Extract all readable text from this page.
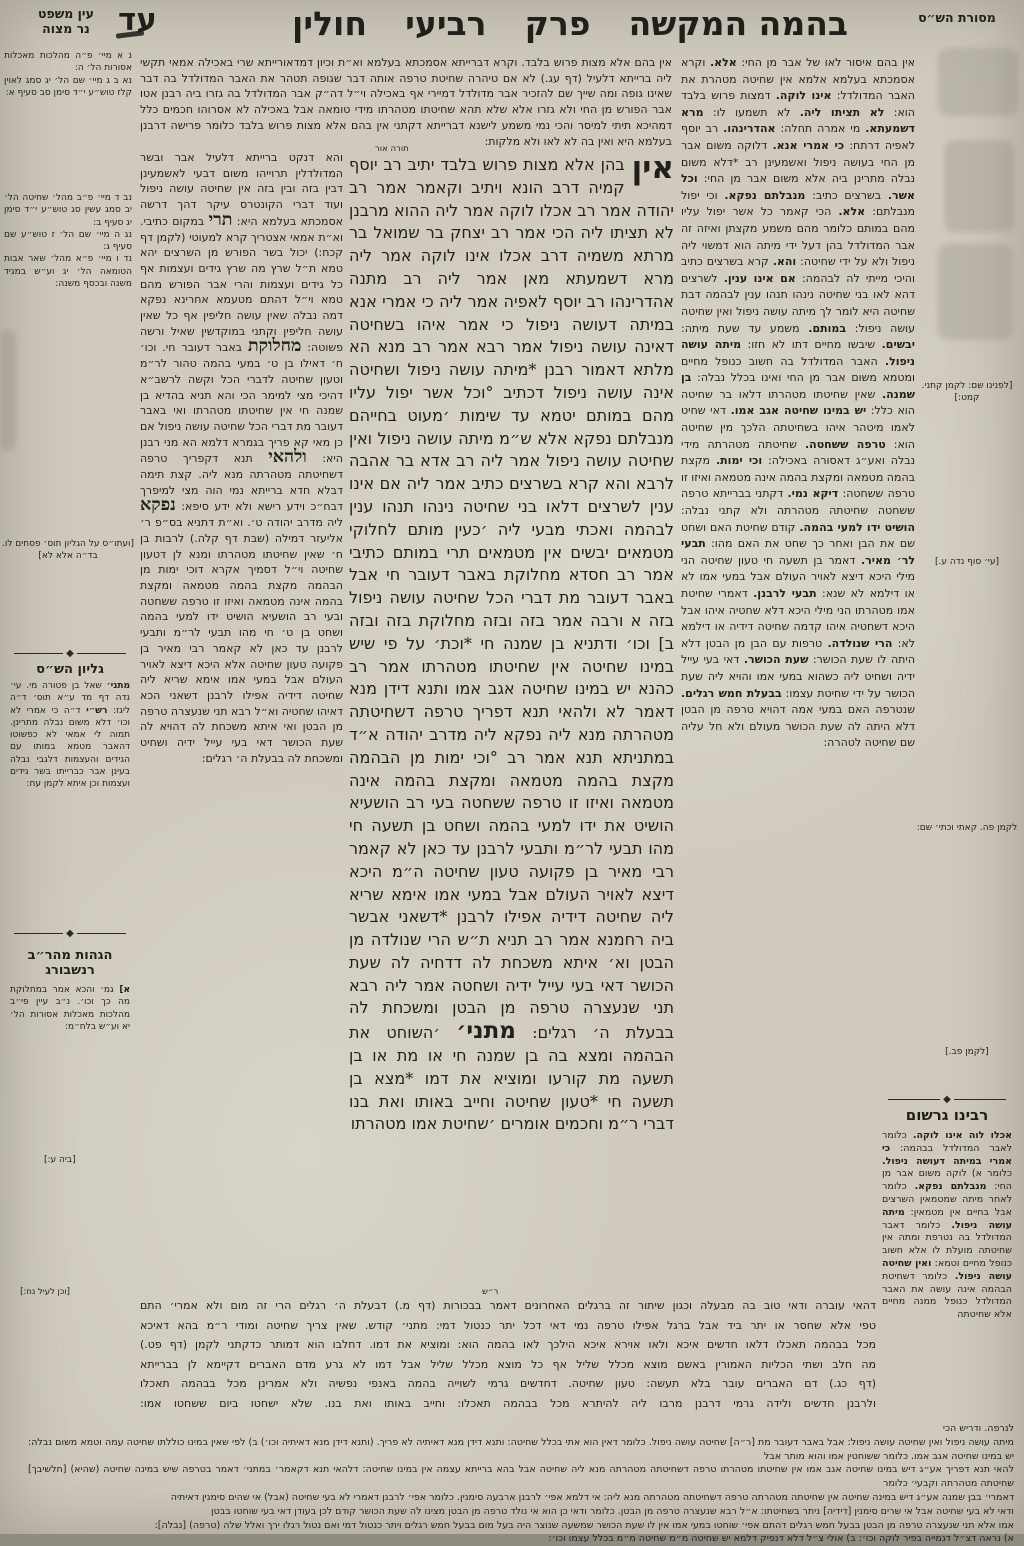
עין משפט
נר מצוה עד	בהמה המקשה
פרק
רביעי
חולין	מסורת הש״ס
נ א מיי׳ פ״ה מהלכות מאכלות אסורות הל׳ ה:
נא ב ג מיי׳ שם הל׳ יג סמג לאוין קלז טוש״ע י״ד סימן סב סעיף א:
נב ד מיי׳ פ״ב מהל׳ שחיטה הל׳ יב סמג עשין סג טוש״ע י״ד סימן יג סעיף ב:
נג ה מיי׳ שם הל׳ ז טוש״ע שם סעיף ג:
נד ו מיי׳ פ״א מהל׳ שאר אבות הטומאה הל׳ יג וע״ש במגיד משנה ובכסף משנה:
[ועתו״ס על הגליון תוס׳ פסחים לו. בד״ה אלא לא]
◆
גליון הש״ס
מתני׳ שאל בן פטורה מי. עי׳ נדה דף מד ע״א תוס׳ ד״ה ליגז: רש״י ד״ה כי אמרי לא וכו׳ דלא משום נבלה מתרינן. תמוה לי אמאי לא כפשוטו דהאבר מטמא במותו עם הגידים והעצמות דלגבי נבלה בעינן אבר כברייתו בשר גידים ועצמות וכן איתא לקמן עח:
◆
הגהות מהר״ב
רנשבורג
א] גמ׳ והכא אמר במחלוקת מה כך וכו׳. נ״ב עיין פי״ב מהלכות מאכלות אסורות הל׳ יא וע״ש בלח״מ:
[ביה ע:]
[וכן לעיל נח:]
[לפנינו שם: לקמן קתני. קמט:]
[עי׳ סוף נדה ע.]
לקמן פה. קאתי וכתי׳ שם:
[לקמן פב.]
אין בהם אלא מצות פרוש בלבד. וקרא דברייתא אסמכתא בעלמא וא״ת וכיון דמדאורייתא שרי באכילה אמאי תקשי ליה ברייתא דלעיל (דף עג.) לא אם טיהרה שחיטת טרפה אותה דבר שגופה תטהר את האבר המדולדל בה דבר שאינו גופה ומה שייך שם להזכיר אבר מדולדל דמיירי אף באכילה וי״ל דה״ק אבר המדולדל בה גזרו ביה רבנן אטו אבר הפורש מן החי ולא גזרו אלא שלא תהא שחיטתו מטהרתו מידי טומאה אבל באכילה לא אסרוהו חכמים כלל דמהיכא תיתי למיסר והכי נמי משמע לישנא דברייתא דקתני אין בהם אלא מצות פרוש בלבד כלומר פרישה דרבנן בעלמא היא ואין בה לא לאו ולא מלקות:
והא דנקט ברייתא דלעיל אבר ובשר המדולדלין תרוייהו משום דבעי לאשמעינן דבין בזה ובין בזה אין שחיטה עושה ניפול ועוד דברי הקונטרס עיקר דהך דרשה אסמכתא בעלמא היא: תרי במקום כתיבי. וא״ת אמאי אצטריך קרא למעוטי (לקמן דף קכח:) יכול בשר הפורש מן השרצים יהא טמא ת״ל שרץ מה שרץ גידים ועצמות אף כל גידים ועצמות והרי אבר הפורש מהם טמא וי״ל דהתם מטעמא אחרינא נפקא דמה נבלה שאין עושה חליפין אף כל שאין עושה חליפין וקתני במוקדשין שאיל ורשה פשוטה: מחלוקת באבר דעובר חי. וכו׳ ח׳ דאילו בן ט׳ במעי בהמה טהור לר״מ וטעון שחיטה לדברי הכל וקשה לרשב״א דהיכי מצי למימר הכי והא תניא בהדיא בן שמנה חי אין שחיטתו מטהרתו ואי באבר דעובר מת דברי הכל שחיטה עושה ניפול אם כן מאי קא פריך בגמרא דלמא הא מני רבנן היא: ולהאי תנא דקפריך טרפה דשחיטתה מטהרתה מנא ליה. קצת תימה דבלא חדא ברייתא נמי הוה מצי למיפרך דבח״כ וידע רישא ולא ידע סיפא: נפקא ליה מדרב יהודה ט׳. וא״ת דתניא בס״פ ר׳ אליעזר דמילה (שבת דף קלה.) לרבות בן ח׳ שאין שחיטתו מטהרתו ומנא לן דטעון שחיטה וי״ל דסמיך אקרא דוכי ימות מן הבהמה מקצת בהמה מטמאה ומקצת בהמה אינה מטמאה ואיזו זו טרפה ששחטה ובעי רב הושעיא הושיט ידו למעי בהמה ושחט בן ט׳ חי מהו תבעי לר״מ ותבעי לרבנן עד כאן לא קאמר רבי מאיר בן פקועה טעון שחיטה אלא היכא דיצא לאויר העולם אבל במעי אמו אימא שריא ליה שחיטה דידיה אפילו לרבנן דשאני הכא דאיהו שחטיה וא״ל רבא תני שנעצרה טרפה מן הבטן ואי איתא משכחת לה דהויא לה שעת הכושר דאי בעי עייל ידיה ושחיט ומשכחת לה בבעלת ה׳ רגלים:
תורה אור
אין
בהן אלא מצות פרוש בלבד יתיב רב יוסף קמיה דרב הונא ויתיב וקאמר אמר רב יהודה אמר רב אכלו לוקה אמר ליה ההוא מרבנן לא תציתו ליה הכי אמר רב יצחק בר שמואל בר מרתא משמיה דרב אכלו אינו לוקה אמר ליה מרא דשמעתא מאן אמר ליה רב מתנה אהדרינהו רב יוסף לאפיה אמר ליה כי אמרי אנא במיתה דעושה ניפול כי אמר איהו בשחיטה דאינה עושה ניפול אמר רבא אמר רב מנא הא מלתא דאמור רבנן *מיתה עושה ניפול ושחיטה אינה עושה ניפול דכתיב °וכל אשר יפול עליו מהם במותם יטמא עד שימות ׳מעוט בחייהם מנבלתם נפקא אלא ש״מ מיתה עושה ניפול ואין שחיטה עושה ניפול אמר ליה רב אדא בר אהבה לרבא והא קרא בשרצים כתיב אמר ליה אם אינו ענין לשרצים דלאו בני שחיטה נינהו תנהו ענין לבהמה ואכתי מבעי ליה ׳כעין מותם לחלוקי מטמאים יבשים אין מטמאים תרי במותם כתיבי אמר רב חסדא מחלוקת באבר דעובר חי אבל באבר דעובר מת דברי הכל שחיטה עושה ניפול בזה א ורבה אמר בזה ובזה מחלוקת בזה ובזה ב] וכו׳ ודתניא בן שמנה חי *וכת׳ על פי שיש במינו שחיטה אין שחיטתו מטהרתו אמר רב כהנא יש במינו שחיטה אגב אמו ותנא דידן מנא דאמר לא ולהאי תנא דפריך טרפה דשחיטתה מטהרתה מנא ליה נפקא ליה מדרב יהודה א״ד במתניתא תנא אמר רב °וכי ימות מן הבהמה מקצת בהמה מטמאה ומקצת בהמה אינה מטמאה ואיזו זו טרפה ששחטה בעי רב הושעיא הושיט את ידו למעי בהמה ושחט בן תשעה חי מהו תבעי לר״מ ותבעי לרבנן עד כאן לא קאמר רבי מאיר בן פקועה טעון שחיטה ה״מ היכא דיצא לאויר העולם אבל במעי אמו אימא שריא ליה שחיטה דידיה אפילו לרבנן *דשאני אבשר ביה רחמנא אמר רב תניא ת״ש הרי שנולדה מן הבטן וא׳ איתא משכחת לה דדחיה לה שעת הכושר דאי בעי עייל ידיה ושחטה אמר ליה רבא תני שנעצרה טרפה מן הבטן ומשכחת לה בבעלת ה׳ רגלים: מתני׳ ׳השוחט את הבהמה ומצא בה בן שמנה חי או מת או בן תשעה מת קורעו ומוציא את דמו *מצא בן תשעה חי *טעון שחיטה וחייב באותו ואת בנו דברי ר״מ וחכמים אומרים ׳שחיטת אמו מטהרתו
אין בהם איסור לאו של אבר מן החי: אלא. וקרא אסמכתא בעלמא אלמא אין שחיטה מטהרת את האבר המדולדל: אינו לוקה. דמצות פרוש בלבד הוא: לא תציתו ליה. לא תשמעו לו: מרא דשמעתא. מי אמרה תחלה: אהדרינהו. רב יוסף לאפיה דרתח: כי אמרי אנא. דלוקה משום אבר מן החי בעושה ניפול ואשמעינן רב *דלא משום נבלה מתרינן ביה אלא משום אבר מן החי: וכל אשר. בשרצים כתיב: מנבלתם נפקא. וכי יפול מנבלתם: אלא. הכי קאמר כל אשר יפול עליו מהם במותם כלומר מהם משמע מקצתן ואיזה זה אבר המדולדל בהן דעל ידי מיתה הוא דמשוי ליה ניפול ולא על ידי שחיטה: והא. קרא בשרצים כתיב והיכי מייתי לה לבהמה: אם אינו ענין. לשרצים דהא לאו בני שחיטה נינהו תנהו ענין לבהמה דבת שחיטה היא לומר לך מיתה עושה ניפול ואין שחיטה עושה ניפול: במותם. משמע עד שעת מיתה: יבשים. שיבשו מחיים דתו לא חזו: מיתה עושה ניפול. האבר המדולדל בה חשוב כנופל מחיים ומטמא משום אבר מן החי ואינו בכלל נבלה: בן שמנה. שאין שחיטתו מטהרתו דלאו בר שחיטה הוא כלל: יש במינו שחיטה אגב אמו. דאי שחיט לאמו מיטהר איהו בשחיטתה הלכך מין שחיטה הוא: טרפה ששחטה. שחיטתה מטהרתה מידי נבלה ואע״ג דאסורה באכילה: וכי ימות. מקצת בהמה מטמאה ומקצת בהמה אינה מטמאה ואיזו זו טרפה ששחטה: דיקא נמי. דקתני בברייתא טרפה ששחטה שחיטתה מטהרתה ולא קתני נבלה: הושיט ידו למעי בהמה. קודם שחיטת האם ושחט שם את הבן ואחר כך שחט את האם מהו: תבעי לר׳ מאיר. דאמר בן תשעה חי טעון שחיטה הני מילי היכא דיצא לאויר העולם אבל במעי אמו לא או דילמא לא שנא: תבעי לרבנן. דאמרי שחיטת אמו מטהרתו הני מילי היכא דלא שחטיה איהו אבל היכא דשחטיה איהו קדמה שחיטה דידיה או דילמא לא: הרי שנולדה. טרפות עם הבן מן הבטן דלא היתה לו שעת הכושר: שעת הכושר. דאי בעי עייל ידיה ושחיט ליה כשהוא במעי אמו והויא ליה שעת הכושר על ידי שחיטת עצמו: בבעלת חמש רגלים. שנטרפה האם במעי אמה דהויא טרפה מן הבטן דלא היתה לה שעת הכושר מעולם ולא חל עליה שם שחיטה לטהרה:
ר״ש
דהאי עוברה ודאי טוב בה מבעלה וכגון שיתור זה ברגלים האחרונים דאמר בבכורות (דף מ.) דבעלת ה׳ רגלים הרי זה מום ולא אמרי׳ התם
טפי אלא שחסר או יתר ביד אבל ברגל אפילו טרפה נמי דאי דכל יתר כנטול דמי: מתני׳ קודש. שאין צריך שחיטה ומודי ר״מ בהא דאיכא
מכל בבהמה תאכלו דלאו חדשים איכא ולאו אוירא איכא הילכך לאו בהמה הוא: ומוציא את דמו. דחלבו הוא דמותר כדקתני לקמן (דף פט.)
מה חלב ושתי הכליות האמורין באשם מוצא מכלל שליל אף כל מוצא מכלל שליל אבל דמו לא גרע מדם האברים דקיימא לן בברייתא
(דף כג.) דם האברים עובר בלא תעשה: טעון שחיטה. דחדשים גרמי לשוייה בהמה באנפי נפשיה ולא אמרינן מכל בבהמה תאכלו
ולרבנן חדשים ולידה גרמי דרבנן מרבו ליה להיתרא מכל בבהמה תאכלו: וחייב באותו ואת בנו. שלא ישחטו ביום ששחטו אמו:
◆
רבינו גרשום
אכלו לוה אינו לוקה. כלומר לאבר המדולדל בבהמה: כי אמרי במיתה דעושה ניפול. כלומר א) לוקה משום אבר מן החי: מנבלתם נפקא. כלומר לאחר מיתה שמטמאין השרצים אבל בחיים אין מטמאין: מיתה עושה ניפול. כלומר דאבר המדולדל בה נטרפת ומתה אין שחיטתה מועלת לו אלא חשוב כנופל מחיים וטמא: ואין שחיטה עושה ניפול. כלומר דשחיטת הבהמה אינה עושה את האבר המדולדל כנופל ממנה מחיים אלא שחיטתה
לנרפה. ודריש הכי
מיתה עושה ניפול ואין שחיטה עושה ניפול: אבל באבר דעובר מת [ר״ה] שחיטה עושה ניפול. כלומר דאין הוא אתי בכלל שחיטה: ותנא דידן מנא דאיתיה לא פריך. (ותנא דידן מנא דאיתיה וכו׳) ב) לפי שאין במינו כוללתו שחיטה עמה וטמא משום נבלה: יש במינו שחיטה אגב אמו. כלומר ששוחטין אמו והוא מותר אבל
להאי תנא דפריך אע״ג דיש במינו שחיטה אגב אמו אין שחיטתו מטהרתו טרפה דשחיטתה מטהרתה מנא ליה שחיטה אבל בהא ברייתא עצמה אין במינו שחיטה: דלהאי תנא דקאמר׳ במתני׳ דאמר בטרפה שיש במינה שחיטה (שהיא) [חלשיבך] שחיטתה מטהרתה וקבעי׳ כלומר
דאמרי׳ בבן שמנה אע״ג דיש במינה שחיטה אין שחיטתה מטהרתה טרפה דשחיטתה מטהרתה מנא ליה: אי דלמא אפי׳ לרבנן ארבעה סימנין. כלומר אפי׳ לרבנן דאמרי לא בעי שחיטה (אבל) אי שהים סימנין דאיתיה
ודאי לא בעי שחיטה אבל אי שרים סימנין [דידיה] ניתר בשחיטתו: א״ל רבא שנעצרה טרפה מן הבטן. כלומר ודאי כן הוא אי נולד טרפה מן הבטן מצינו לה שעת הכושר קודם לכן בעודן דאי בעי שוחטו בבטן
אמו אלא תני שנעצרה טרפה מן הבטן בבעל חמש רגלים דהתם אפי׳ שוחטו במעי אמו אין לו שעת הכושר שמשעה שנוצר היה בעל מום בבעל חמש רגלים ויתר כנטול דמי ואם נטול רגלו ירך ואלל שלה (טרפה) [נבלה]:
א) נראה דצ״ל דנמייה בפיר לוקה וכו׳: ב) אולי צ״ל דלא דנפיק דלמא יש שחיטה מ״מ שחיטה מ״מ בכלל עצמו וכו׳:
